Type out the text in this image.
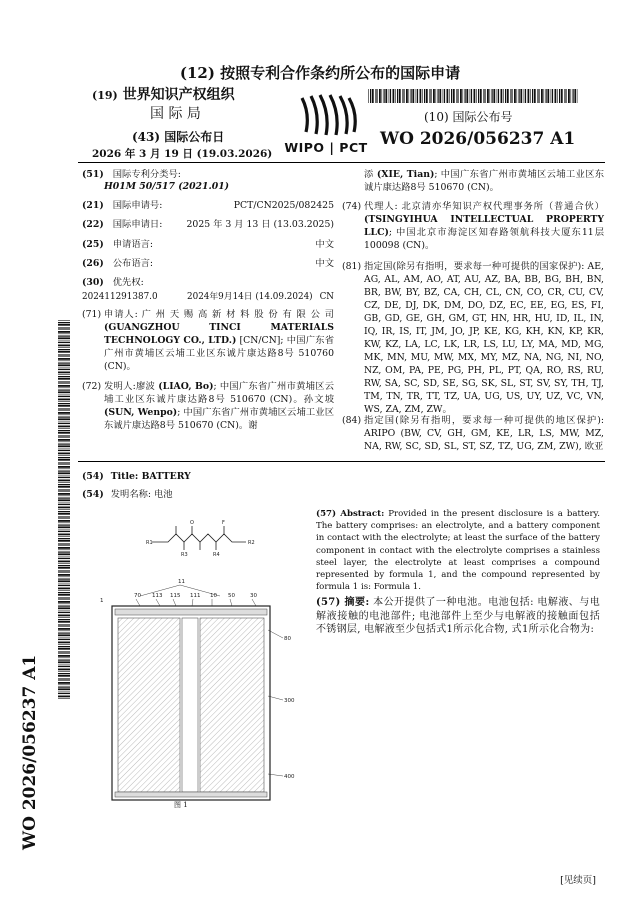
(12) 按照专利合作条约所公布的国际申请
(19) 世界知识产权组织
国 际 局
(43) 国际公布日
2026 年 3 月 19 日 (19.03.2026) WIPO | PCT
(10) 国际公布号
WO 2026/056237 A1
(51) 国际专利分类号:
H01M 50/517 (2021.01)
(21) 国际申请号:	PCT/CN2025/082425
(22) 国际申请日:	2025 年 3 月 13 日 (13.03.2025)
(25) 申请语言:	中文
(26) 公布语言:	中文
(30) 优先权:
202411291387.0	2024年9月14日 (14.09.2024) CN
(71) 申请人: 广 州 天 赐 高 新 材 料 股 份 有 限 公 司 (GUANGZHOU TINCI MATERIALS TECHNOLOGY CO., LTD.) [CN/CN]; 中国广东省广州市黄埔区云埔工业区东诚片康达路8号 510760 (CN)。
(72) 发明人:廖波 (LIAO, Bo); 中国广东省广州市黄埔区云埔工业区东诚片康达路8号 510670 (CN)。孙文坡 (SUN, Wenpo); 中国广东省广州市黄埔区云埔工业区东诚片康达路8号 510670 (CN)。谢
添 (XIE, Tian); 中国广东省广州市黄埔区云埔工业区东诚片康达路8号 510670 (CN)。
(74) 代理人: 北京清亦华知识产权代理事务所（普通合伙）(TSINGYIHUA INTELLECTUAL PROPERTY LLC); 中国北京市海淀区知春路领航科技大厦东11层 100098 (CN)。
(81) 指定国(除另有指明，要求每一种可提供的国家保护): AE, AG, AL, AM, AO, AT, AU, AZ, BA, BB, BG, BH, BN, BR, BW, BY, BZ, CA, CH, CL, CN, CO, CR, CU, CV, CZ, DE, DJ, DK, DM, DO, DZ, EC, EE, EG, ES, FI, GB, GD, GE, GH, GM, GT, HN, HR, HU, ID, IL, IN, IQ, IR, IS, IT, JM, JO, JP, KE, KG, KH, KN, KP, KR, KW, KZ, LA, LC, LK, LR, LS, LU, LY, MA, MD, MG, MK, MN, MU, MW, MX, MY, MZ, NA, NG, NI, NO, NZ, OM, PA, PE, PG, PH, PL, PT, QA, RO, RS, RU, RW, SA, SC, SD, SE, SG, SK, SL, ST, SV, SY, TH, TJ, TM, TN, TR, TT, TZ, UA, UG, US, UY, UZ, VC, VN, WS, ZA, ZM, ZW。
(84) 指定国(除另有指明，要求每一种可提供的地区保护): ARIPO (BW, CV, GH, GM, KE, LR, LS, MW, MZ, NA, RW, SC, SD, SL, ST, SZ, TZ, UG, ZM, ZW), 欧亚
(54) Title: BATTERY
(54) 发明名称: 电池
R1	R2
O	F
R3	R4
11
70 113 115 111 10 50	30
1
80
300
400
图 1
(57) Abstract: Provided in the present disclosure is a battery. The battery comprises: an electrolyte, and a battery component in contact with the electrolyte; at least the surface of the battery component in contact with the electrolyte comprises a stainless steel layer, the electrolyte at least comprises a compound represented by formula 1, and the compound represented by formula 1 is: Formula 1.
(57) 摘要: 本公开提供了一种电池。电池包括: 电解液、与电解液接触的电池部件; 电池部件上至少与电解液的接触面包括不锈钢层, 电解液至少包括式1所示化合物, 式1所示化合物为:
WO 2026/056237 A1
[见续页]
